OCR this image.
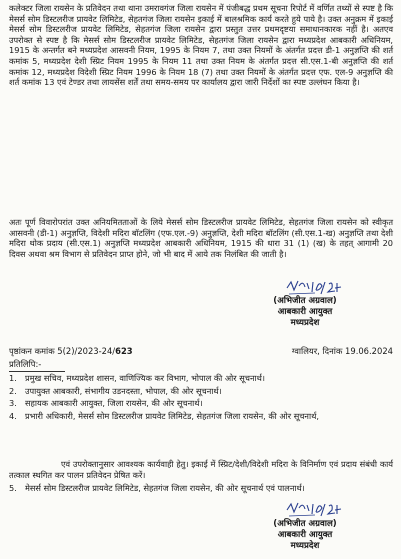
कलेक्टर जिला रायसेन के प्रतिवेदन तथा थाना उमरावगंज जिला रायसेन में पंजीबद्ध प्रथम सूचना रिपोर्ट में वर्णित तथ्यों से स्पष्ट है कि मेसर्स सोम डिस्टलरीज प्रायवेट लिमिटेड, सेहतगंज जिला रायसेन इकाई में बालश्रमिक कार्य करते हुये पाये है। उक्त अनुक्रम में इकाई मेसर्स सोम डिस्टलरीज प्रायवेट लिमिटेड, सेहतगंज जिला रायसेन द्वारा प्रस्तुत उत्तर प्रथमदृष्टया समाधानकारक नहीं है। अतएव उपरोक्त से स्पष्ट है कि मेसर्स सोम डिस्टलरीज प्रायवेट लिमिटेड, सेहतगंज जिला रायसेन द्वारा मध्यप्रदेश आबकारी अधिनियम, 1915 के अन्तर्गत बने मध्यप्रदेश आसवनी नियम, 1995 के नियम 7, तथा उक्त नियमों के अंतर्गत प्रदत्त डी-1 अनुज्ञप्ति की शर्त कमांक 5, मध्यप्रदेश देशी स्प्रिट नियम 1995 के नियम 11 तथा उक्त नियम के अंतर्गत प्रदत्त सी.एस.1-बी अनुज्ञप्ति की शर्त कमांक 12, मध्यप्रदेश विदेशी स्प्रिट नियम 1996 के नियम 18 (7) तथा उक्त नियमों के अंतर्गत प्रदत्त एफ. एल-9 अनुज्ञप्ति की शर्त कमांक 13 एवं टेण्डर तथा लायसेंस शर्तें तथा समय-समय पर कार्यालय द्वारा जारी निर्देशों का स्पष्ट उल्लंघन किया है।

अतः पूर्ण विवारोपरांत उक्त अनियमितताओं के लिये मेसर्स सोम डिस्टलरीज प्रायवेट लिमिटेड, सेहतगंज जिला रायसेन को स्वीकृत आसवनी (डी-1) अनुज्ञप्ति, विदेशी मदिरा बॉटलिंग (एफ.एल.-9) अनुज्ञप्ति, देशी मदिरा बॉटलिंग (सी.एस.1-ख) अनुज्ञप्ति तथा देशी मदिरा थोक प्रदाय (सी.एस.1) अनुज्ञप्ति मध्यप्रदेश आबकारी अधिनियम, 1915 की धारा 31 (1) (ख) के तहत् आगामी 20 दिवस अथवा श्रम विभाग से प्रतिवेदन प्राप्त होने, जो भी बाद में आये तक निलंबित की जाती है।

(अभिजीत अग्रवाल)
आबकारी आयुक्त
मध्यप्रदेश
पृष्ठांकन कमांक 5(2)/2023-24/623	ग्वालियर, दिनांक 19.06.2024
प्रतिलिपि:-
1. प्रमुख सचिव, मध्यप्रदेश शासन, वाणिज्यिक कर विभाग, भोपाल की ओर सूचनार्थ।
2. उपायुक्त आबकारी, संभागीय उडनदस्ता, भोपाल, की ओर सूचनार्थ।
3. सहायक आबकारी आयुक्त, जिला रायसेन, की ओर सूचनार्थ।
4. प्रभारी अधिकारी, मेसर्स सोम डिस्टलरीज प्रायवेट लिमिटेड, सेहतगंज जिला रायसेन, की ओर सूचनार्थ,

एवं उपरोक्तानुसार आवश्यक कार्यवाही हेतु। इकाई में स्प्रिट/देशी/विदेशी मदिरा के विनिर्माण एवं प्रदाय संबंधी कार्य तत्काल स्थगित कर पालन प्रतिवेदन प्रेषित करें।

5. मेसर्स सोम डिस्टलरीज प्रायवेट लिमिटेड, सेहतगंज जिला रायसेन, की ओर सूचनार्थ एवं पालनार्थ।
(अभिजीत अग्रवाल)
आबकारी आयुक्त
मध्यप्रदेश
